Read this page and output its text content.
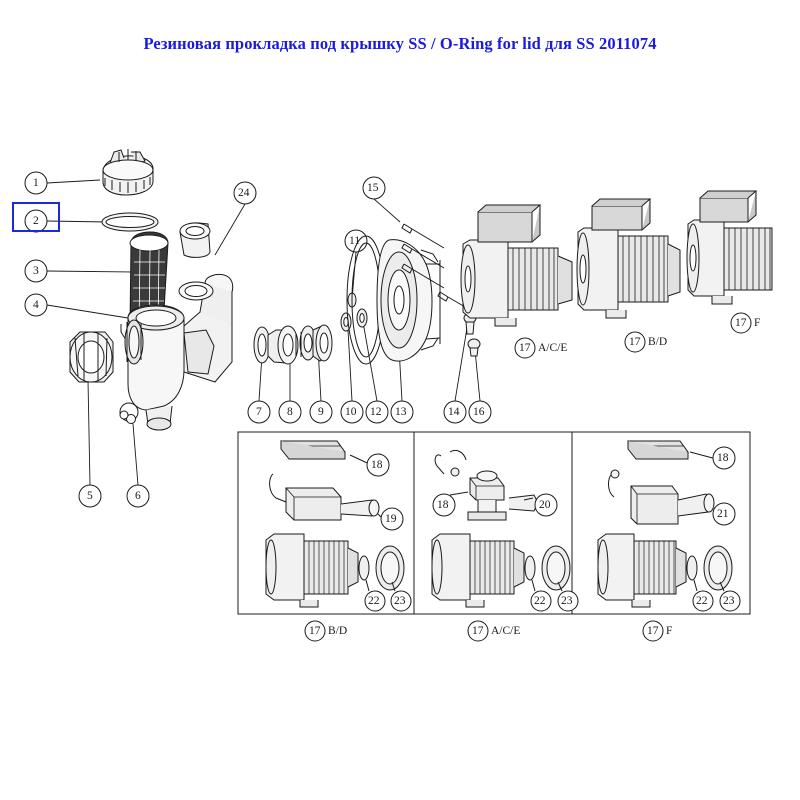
Резиновая прокладка под крышку SS / O-Ring for lid для SS 2011074
1
2
3
4
5	6
7 8 9 10
11
12 13	14
15
16
24
18
19
18	20
18
21
22 23	22 23	22 23
17 A/C/E	17 B/D
17 F
17 B/D	17 A/C/E	17 F
